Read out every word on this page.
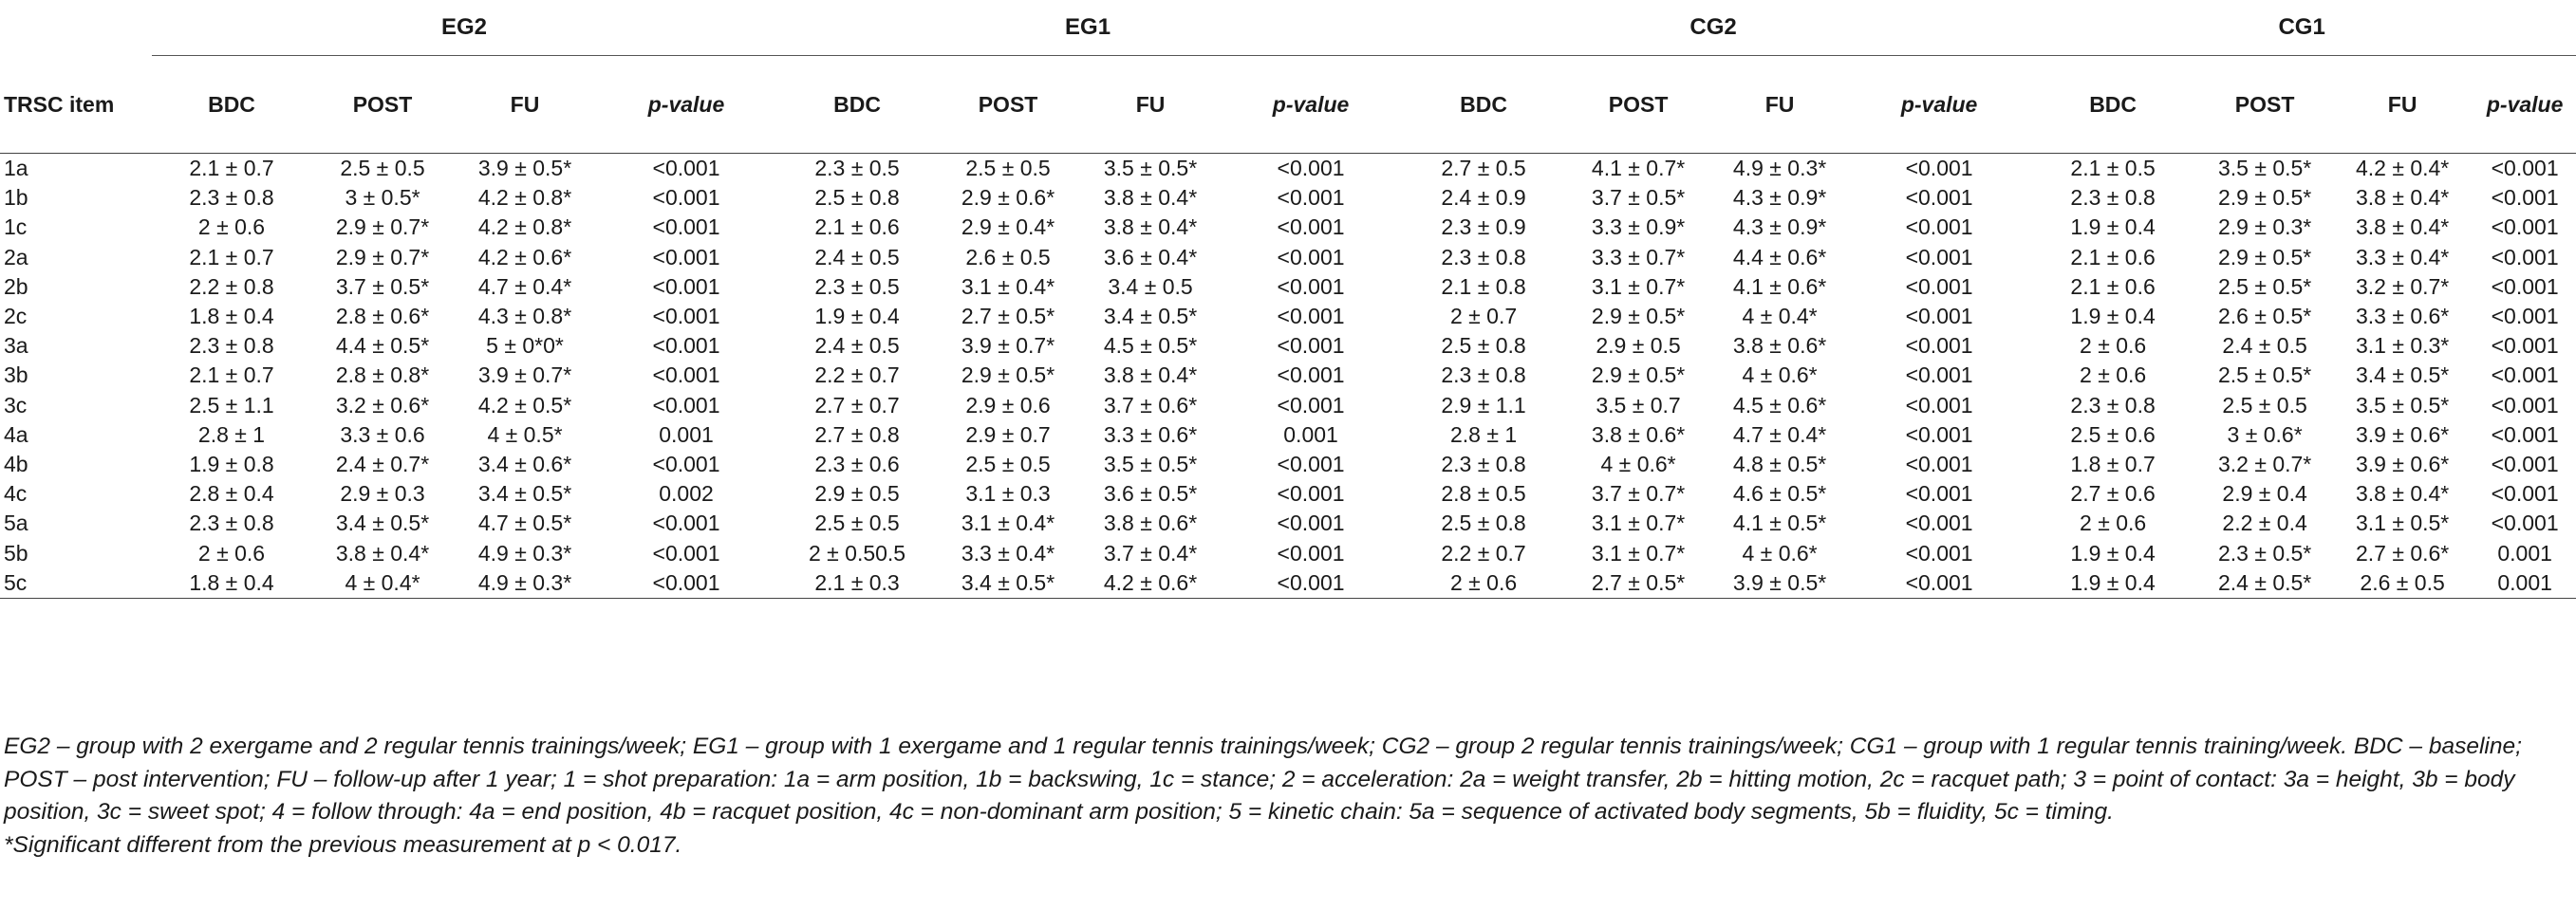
	EG2				EG1				CG2				CG1			
TRSC item	BDC	POST	FU	p-value	BDC	POST	FU	p-value	BDC	POST	FU	p-value	BDC	POST	FU	p-value
1a	2.1 ± 0.7	2.5 ± 0.5	3.9 ± 0.5*	<0.001	2.3 ± 0.5	2.5 ± 0.5	3.5 ± 0.5*	<0.001	2.7 ± 0.5	4.1 ± 0.7*	4.9 ± 0.3*	<0.001	2.1 ± 0.5	3.5 ± 0.5*	4.2 ± 0.4*	<0.001
1b	2.3 ± 0.8	3 ± 0.5*	4.2 ± 0.8*	<0.001	2.5 ± 0.8	2.9 ± 0.6*	3.8 ± 0.4*	<0.001	2.4 ± 0.9	3.7 ± 0.5*	4.3 ± 0.9*	<0.001	2.3 ± 0.8	2.9 ± 0.5*	3.8 ± 0.4*	<0.001
1c	2 ± 0.6	2.9 ± 0.7*	4.2 ± 0.8*	<0.001	2.1 ± 0.6	2.9 ± 0.4*	3.8 ± 0.4*	<0.001	2.3 ± 0.9	3.3 ± 0.9*	4.3 ± 0.9*	<0.001	1.9 ± 0.4	2.9 ± 0.3*	3.8 ± 0.4*	<0.001
2a	2.1 ± 0.7	2.9 ± 0.7*	4.2 ± 0.6*	<0.001	2.4 ± 0.5	2.6 ± 0.5	3.6 ± 0.4*	<0.001	2.3 ± 0.8	3.3 ± 0.7*	4.4 ± 0.6*	<0.001	2.1 ± 0.6	2.9 ± 0.5*	3.3 ± 0.4*	<0.001
2b	2.2 ± 0.8	3.7 ± 0.5*	4.7 ± 0.4*	<0.001	2.3 ± 0.5	3.1 ± 0.4*	3.4 ± 0.5	<0.001	2.1 ± 0.8	3.1 ± 0.7*	4.1 ± 0.6*	<0.001	2.1 ± 0.6	2.5 ± 0.5*	3.2 ± 0.7*	<0.001
2c	1.8 ± 0.4	2.8 ± 0.6*	4.3 ± 0.8*	<0.001	1.9 ± 0.4	2.7 ± 0.5*	3.4 ± 0.5*	<0.001	2 ± 0.7	2.9 ± 0.5*	4 ± 0.4*	<0.001	1.9 ± 0.4	2.6 ± 0.5*	3.3 ± 0.6*	<0.001
3a	2.3 ± 0.8	4.4 ± 0.5*	5 ± 0*0*	<0.001	2.4 ± 0.5	3.9 ± 0.7*	4.5 ± 0.5*	<0.001	2.5 ± 0.8	2.9 ± 0.5	3.8 ± 0.6*	<0.001	2 ± 0.6	2.4 ± 0.5	3.1 ± 0.3*	<0.001
3b	2.1 ± 0.7	2.8 ± 0.8*	3.9 ± 0.7*	<0.001	2.2 ± 0.7	2.9 ± 0.5*	3.8 ± 0.4*	<0.001	2.3 ± 0.8	2.9 ± 0.5*	4 ± 0.6*	<0.001	2 ± 0.6	2.5 ± 0.5*	3.4 ± 0.5*	<0.001
3c	2.5 ± 1.1	3.2 ± 0.6*	4.2 ± 0.5*	<0.001	2.7 ± 0.7	2.9 ± 0.6	3.7 ± 0.6*	<0.001	2.9 ± 1.1	3.5 ± 0.7	4.5 ± 0.6*	<0.001	2.3 ± 0.8	2.5 ± 0.5	3.5 ± 0.5*	<0.001
4a	2.8 ± 1	3.3 ± 0.6	4 ± 0.5*	0.001	2.7 ± 0.8	2.9 ± 0.7	3.3 ± 0.6*	0.001	2.8 ± 1	3.8 ± 0.6*	4.7 ± 0.4*	<0.001	2.5 ± 0.6	3 ± 0.6*	3.9 ± 0.6*	<0.001
4b	1.9 ± 0.8	2.4 ± 0.7*	3.4 ± 0.6*	<0.001	2.3 ± 0.6	2.5 ± 0.5	3.5 ± 0.5*	<0.001	2.3 ± 0.8	4 ± 0.6*	4.8 ± 0.5*	<0.001	1.8 ± 0.7	3.2 ± 0.7*	3.9 ± 0.6*	<0.001
4c	2.8 ± 0.4	2.9 ± 0.3	3.4 ± 0.5*	0.002	2.9 ± 0.5	3.1 ± 0.3	3.6 ± 0.5*	<0.001	2.8 ± 0.5	3.7 ± 0.7*	4.6 ± 0.5*	<0.001	2.7 ± 0.6	2.9 ± 0.4	3.8 ± 0.4*	<0.001
5a	2.3 ± 0.8	3.4 ± 0.5*	4.7 ± 0.5*	<0.001	2.5 ± 0.5	3.1 ± 0.4*	3.8 ± 0.6*	<0.001	2.5 ± 0.8	3.1 ± 0.7*	4.1 ± 0.5*	<0.001	2 ± 0.6	2.2 ± 0.4	3.1 ± 0.5*	<0.001
5b	2 ± 0.6	3.8 ± 0.4*	4.9 ± 0.3*	<0.001	2 ± 0.50.5	3.3 ± 0.4*	3.7 ± 0.4*	<0.001	2.2 ± 0.7	3.1 ± 0.7*	4 ± 0.6*	<0.001	1.9 ± 0.4	2.3 ± 0.5*	2.7 ± 0.6*	0.001
5c	1.8 ± 0.4	4 ± 0.4*	4.9 ± 0.3*	<0.001	2.1 ± 0.3	3.4 ± 0.5*	4.2 ± 0.6*	<0.001	2 ± 0.6	2.7 ± 0.5*	3.9 ± 0.5*	<0.001	1.9 ± 0.4	2.4 ± 0.5*	2.6 ± 0.5	0.001

EG2 – group with 2 exergame and 2 regular tennis trainings/week; EG1 – group with 1 exergame and 1 regular tennis trainings/week; CG2 – group 2 regular tennis trainings/week; CG1 – group with 1 regular tennis training/week. BDC – baseline; POST – post intervention; FU – follow-up after 1 year; 1 = shot preparation: 1a = arm position, 1b = backswing, 1c = stance; 2 = acceleration: 2a = weight transfer, 2b = hitting motion, 2c = racquet path; 3 = point of contact: 3a = height, 3b = body position, 3c = sweet spot; 4 = follow through: 4a = end position, 4b = racquet position, 4c = non-dominant arm position; 5 = kinetic chain: 5a = sequence of activated body segments, 5b = fluidity, 5c = timing.

*Significant different from the previous measurement at p < 0.017.
